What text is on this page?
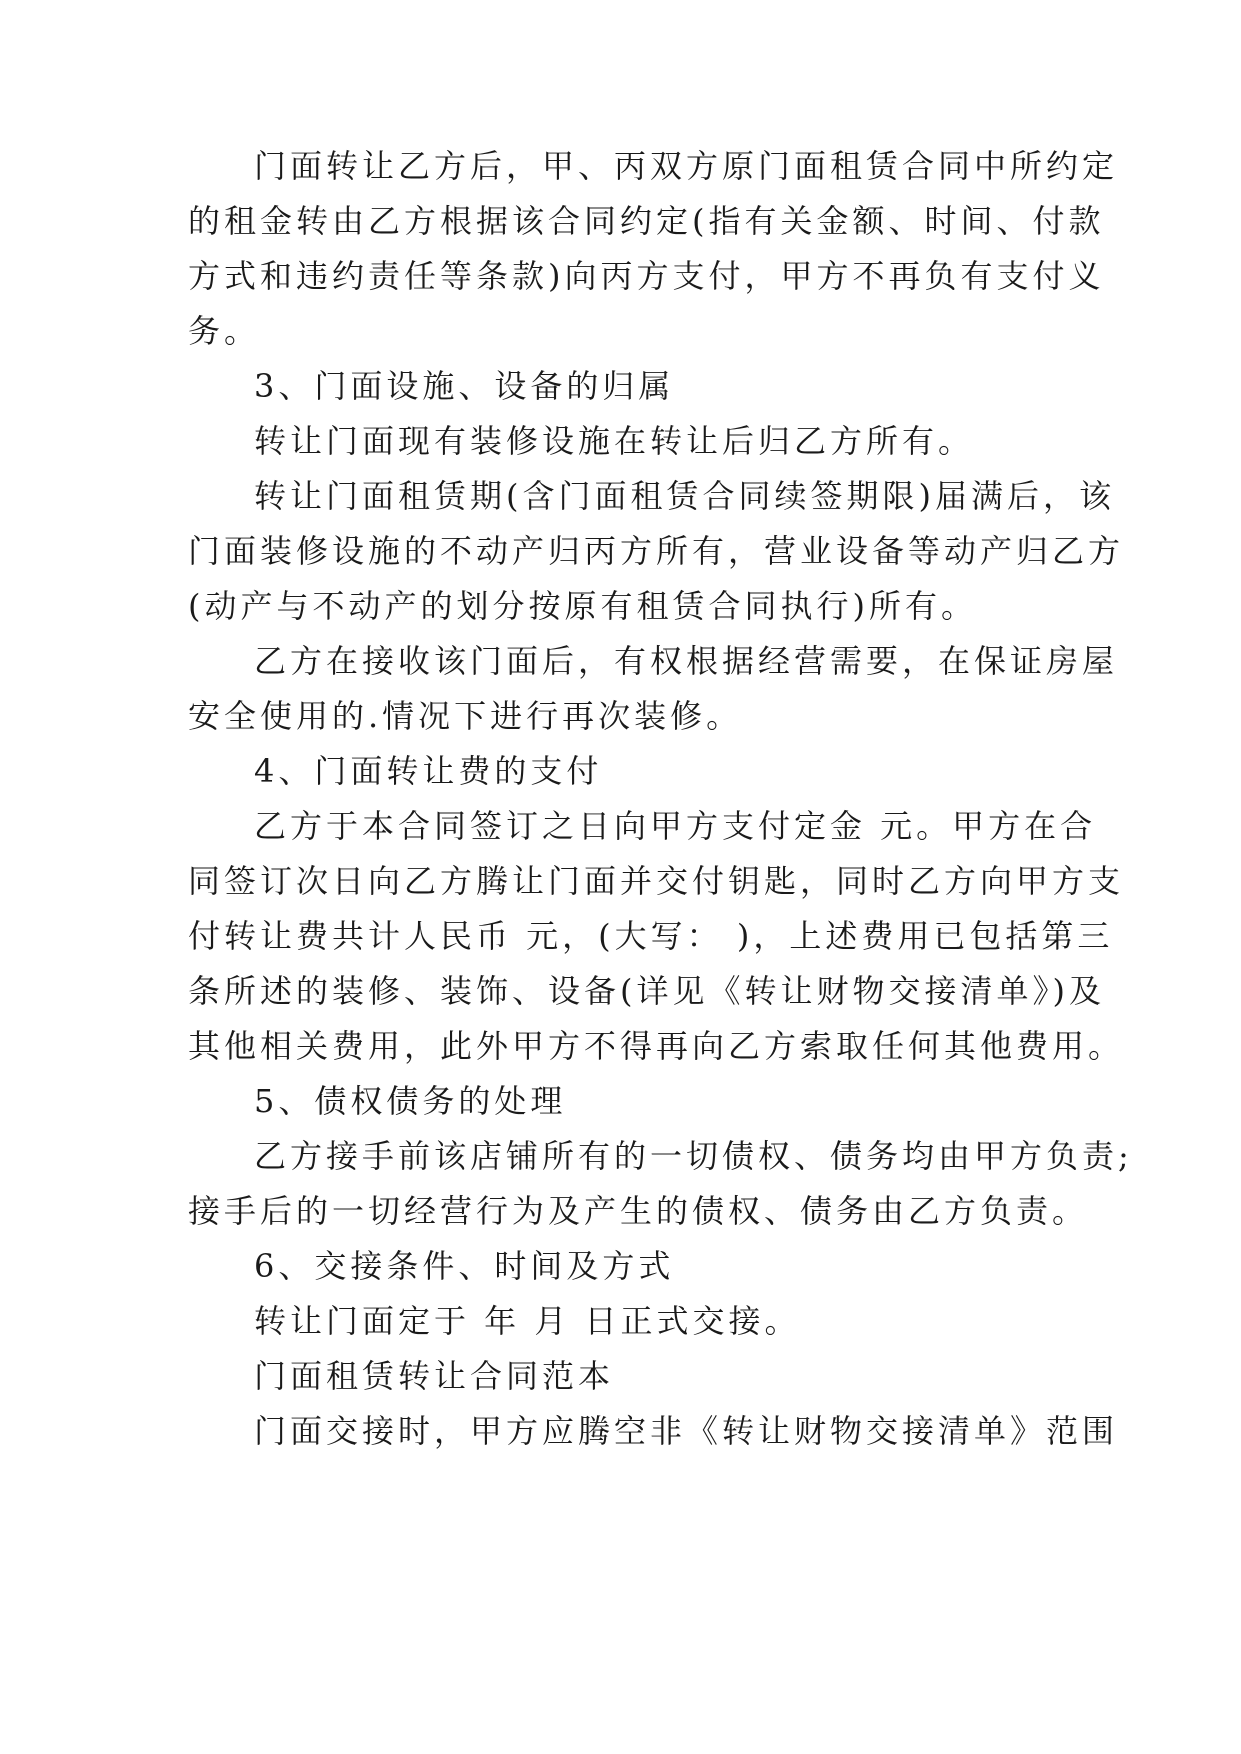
门面转让乙方后，甲、丙双方原门面租赁合同中所约定
的租金转由乙方根据该合同约定(指有关金额、时间、付款
方式和违约责任等条款)向丙方支付，甲方不再负有支付义
务。
3、门面设施、设备的归属
转让门面现有装修设施在转让后归乙方所有。
转让门面租赁期(含门面租赁合同续签期限)届满后，该
门面装修设施的不动产归丙方所有，营业设备等动产归乙方
(动产与不动产的划分按原有租赁合同执行)所有。
乙方在接收该门面后，有权根据经营需要，在保证房屋
安全使用的.情况下进行再次装修。
4、门面转让费的支付
乙方于本合同签订之日向甲方支付定金 元。甲方在合
同签订次日向乙方腾让门面并交付钥匙，同时乙方向甲方支
付转让费共计人民币 元，(大写： )，上述费用已包括第三
条所述的装修、装饰、设备(详见《转让财物交接清单》)及
其他相关费用，此外甲方不得再向乙方索取任何其他费用。
5、债权债务的处理
乙方接手前该店铺所有的一切债权、债务均由甲方负责;
接手后的一切经营行为及产生的债权、债务由乙方负责。
6、交接条件、时间及方式
转让门面定于 年 月 日正式交接。
门面租赁转让合同范本
门面交接时，甲方应腾空非《转让财物交接清单》范围
